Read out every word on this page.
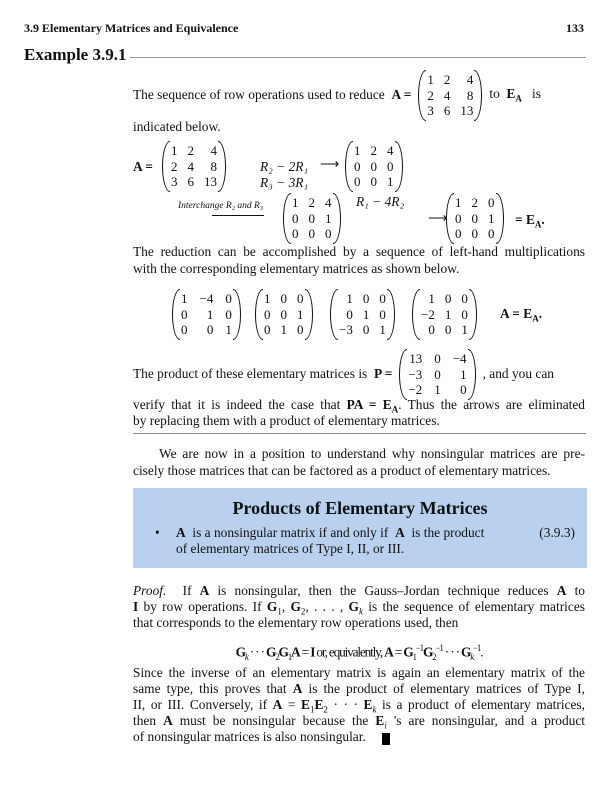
3.9 Elementary Matrices and Equivalence	133
Example 3.9.1
The sequence of row operations used to reduce
A =
1 2	4
2 4	8
3 6 13
to $E_A$ is
indicated below.
A =
1 2	4
2 4	8
3 6 13
R₂ − 2R₁
R₃ − 3R₁
⟶
1 2 4
0 0 0
0 0 1
Interchange R₂ and R₃ 1 2 4
0 0 1
0 0 0
R₁ − 4R₂
⟶
1 2 0
0 0 1
0 0 0
= $E_A$.
The reduction can be accomplished by a sequence of left-hand multiplications
with the corresponding elementary matrices as shown below.
1 −4 0
0	1 0
0	0 1
1 0 0
0 0 1
0 1 0
1 0 0
0 1 0
−3 0 1
1 0 0
−2 1 0
0 0 1
$A = E_A$.
The product of these elementary matrices is
P =
13 0 −4
−3 0	1
−2 1	0
, and you can
verify that it is indeed the case that PA = $E_A$. Thus the arrows are eliminated
by replacing them with a product of elementary matrices.
We are now in a position to understand why nonsingular matrices are pre-
cisely those matrices that can be factored as a product of elementary matrices.
Products of Elementary Matrices
• A is a nonsingular matrix if and only if A is the product
of elementary matrices of Type I, II, or III.
(3.9.3)
Proof. If A is nonsingular, then the Gauss–Jordan technique reduces A to
I by row operations. If $G_1$, $G_2$, . . . , $G_k$ is the sequence of elementary matrices
that corresponds to the elementary row operations used, then
$G_k$ · · · $G_2G_1A = I$ or, equivalently, $A = G_1^{-1}G_2^{-1}$ · · · $G_k^{-1}$.
Since the inverse of an elementary matrix is again an elementary matrix of the
same type, this proves that A is the product of elementary matrices of Type I,
II, or III. Conversely, if $A = E_1E_2$ · · · $E_k$ is a product of elementary matrices,
then A must be nonsingular because the $E_i$ 's are nonsingular, and a product
of nonsingular matrices is also nonsingular.
